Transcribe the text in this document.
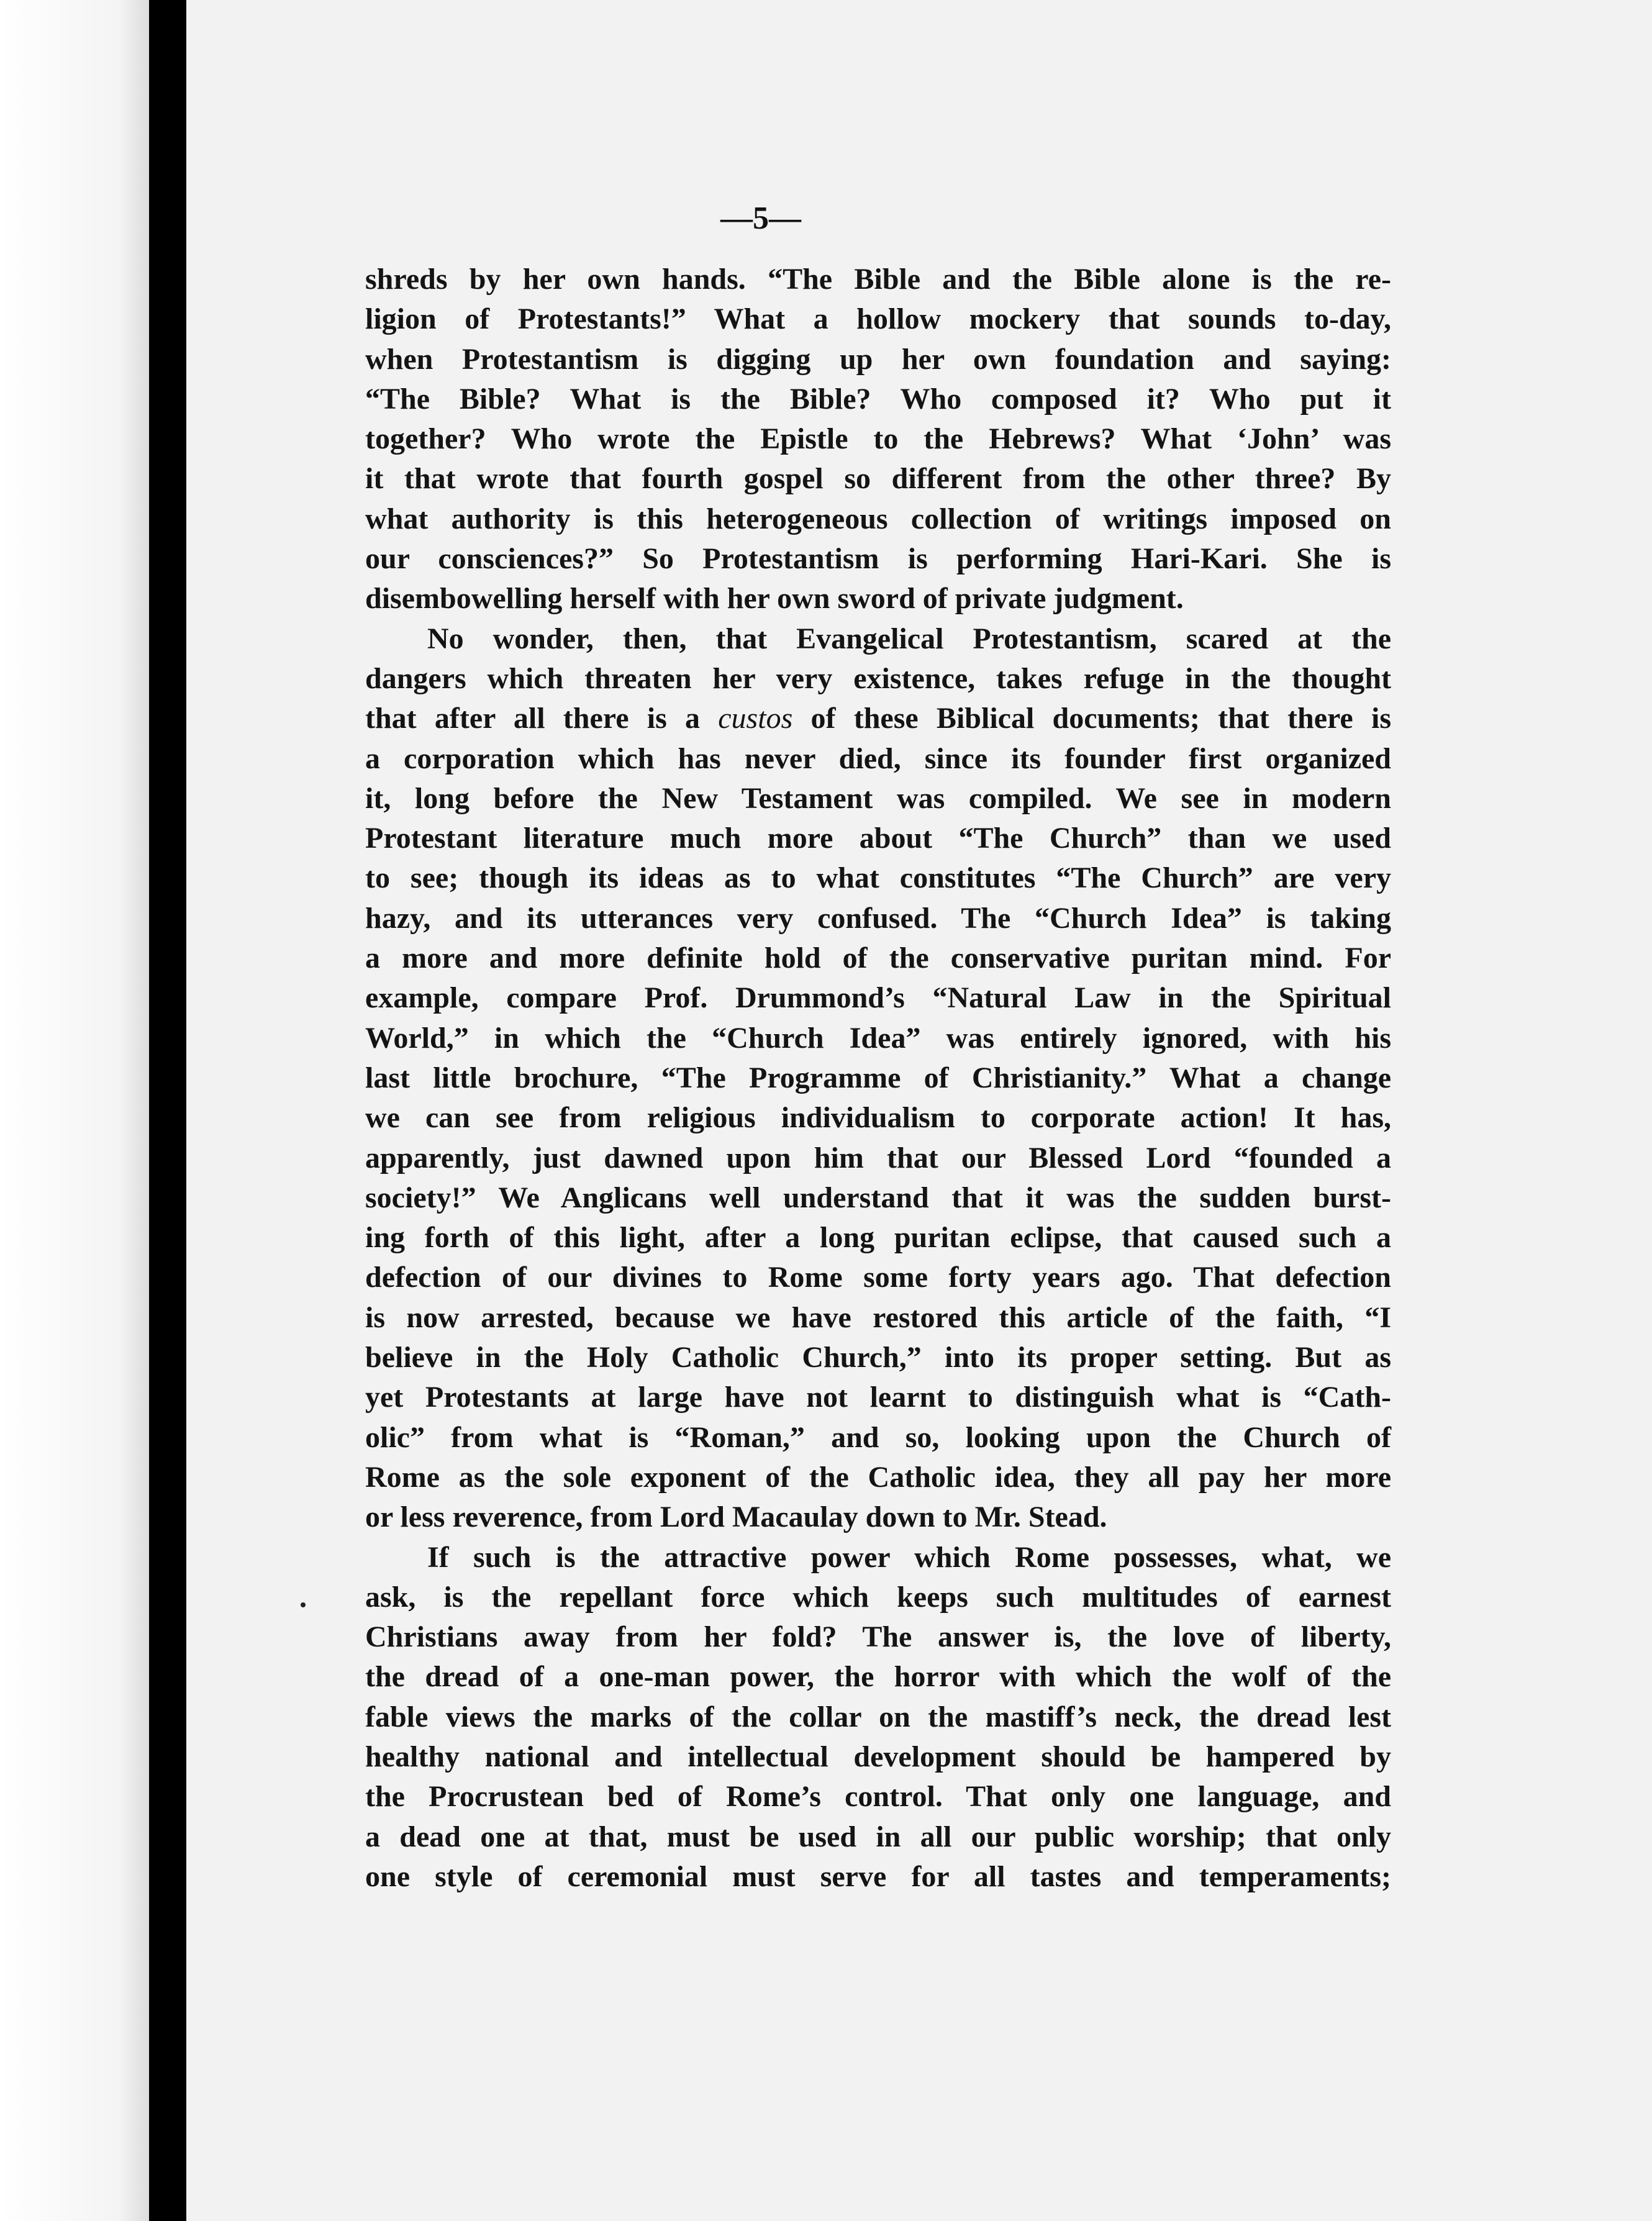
—5—
shreds by her own hands. “The Bible and the Bible alone is the re-
ligion of Protestants!” What a hollow mockery that sounds to-day,
when Protestantism is digging up her own foundation and saying:
“The Bible? What is the Bible? Who composed it? Who put it
together? Who wrote the Epistle to the Hebrews? What ‘John’ was
it that wrote that fourth gospel so different from the other three? By
what authority is this heterogeneous collection of writings imposed on
our consciences?” So Protestantism is performing Hari-Kari. She is
disembowelling herself with her own sword of private judgment.
No wonder, then, that Evangelical Protestantism, scared at the
dangers which threaten her very existence, takes refuge in the thought
that after all there is a custos of these Biblical documents; that there is
a corporation which has never died, since its founder first organized
it, long before the New Testament was compiled. We see in modern
Protestant literature much more about “The Church” than we used
to see; though its ideas as to what constitutes “The Church” are very
hazy, and its utterances very confused. The “Church Idea” is taking
a more and more definite hold of the conservative puritan mind. For
example, compare Prof. Drummond’s “Natural Law in the Spiritual
World,” in which the “Church Idea” was entirely ignored, with his
last little brochure, “The Programme of Christianity.” What a change
we can see from religious individualism to corporate action! It has,
apparently, just dawned upon him that our Blessed Lord “founded a
society!” We Anglicans well understand that it was the sudden burst-
ing forth of this light, after a long puritan eclipse, that caused such a
defection of our divines to Rome some forty years ago. That defection
is now arrested, because we have restored this article of the faith, “I
believe in the Holy Catholic Church,” into its proper setting. But as
yet Protestants at large have not learnt to distinguish what is “Cath-
olic” from what is “Roman,” and so, looking upon the Church of
Rome as the sole exponent of the Catholic idea, they all pay her more
or less reverence, from Lord Macaulay down to Mr. Stead.
If such is the attractive power which Rome possesses, what, we
ask, is the repellant force which keeps such multitudes of earnest
Christians away from her fold? The answer is, the love of liberty,
the dread of a one-man power, the horror with which the wolf of the
fable views the marks of the collar on the mastiff’s neck, the dread lest
healthy national and intellectual development should be hampered by
the Procrustean bed of Rome’s control. That only one language, and
a dead one at that, must be used in all our public worship; that only
one style of ceremonial must serve for all tastes and temperaments;
